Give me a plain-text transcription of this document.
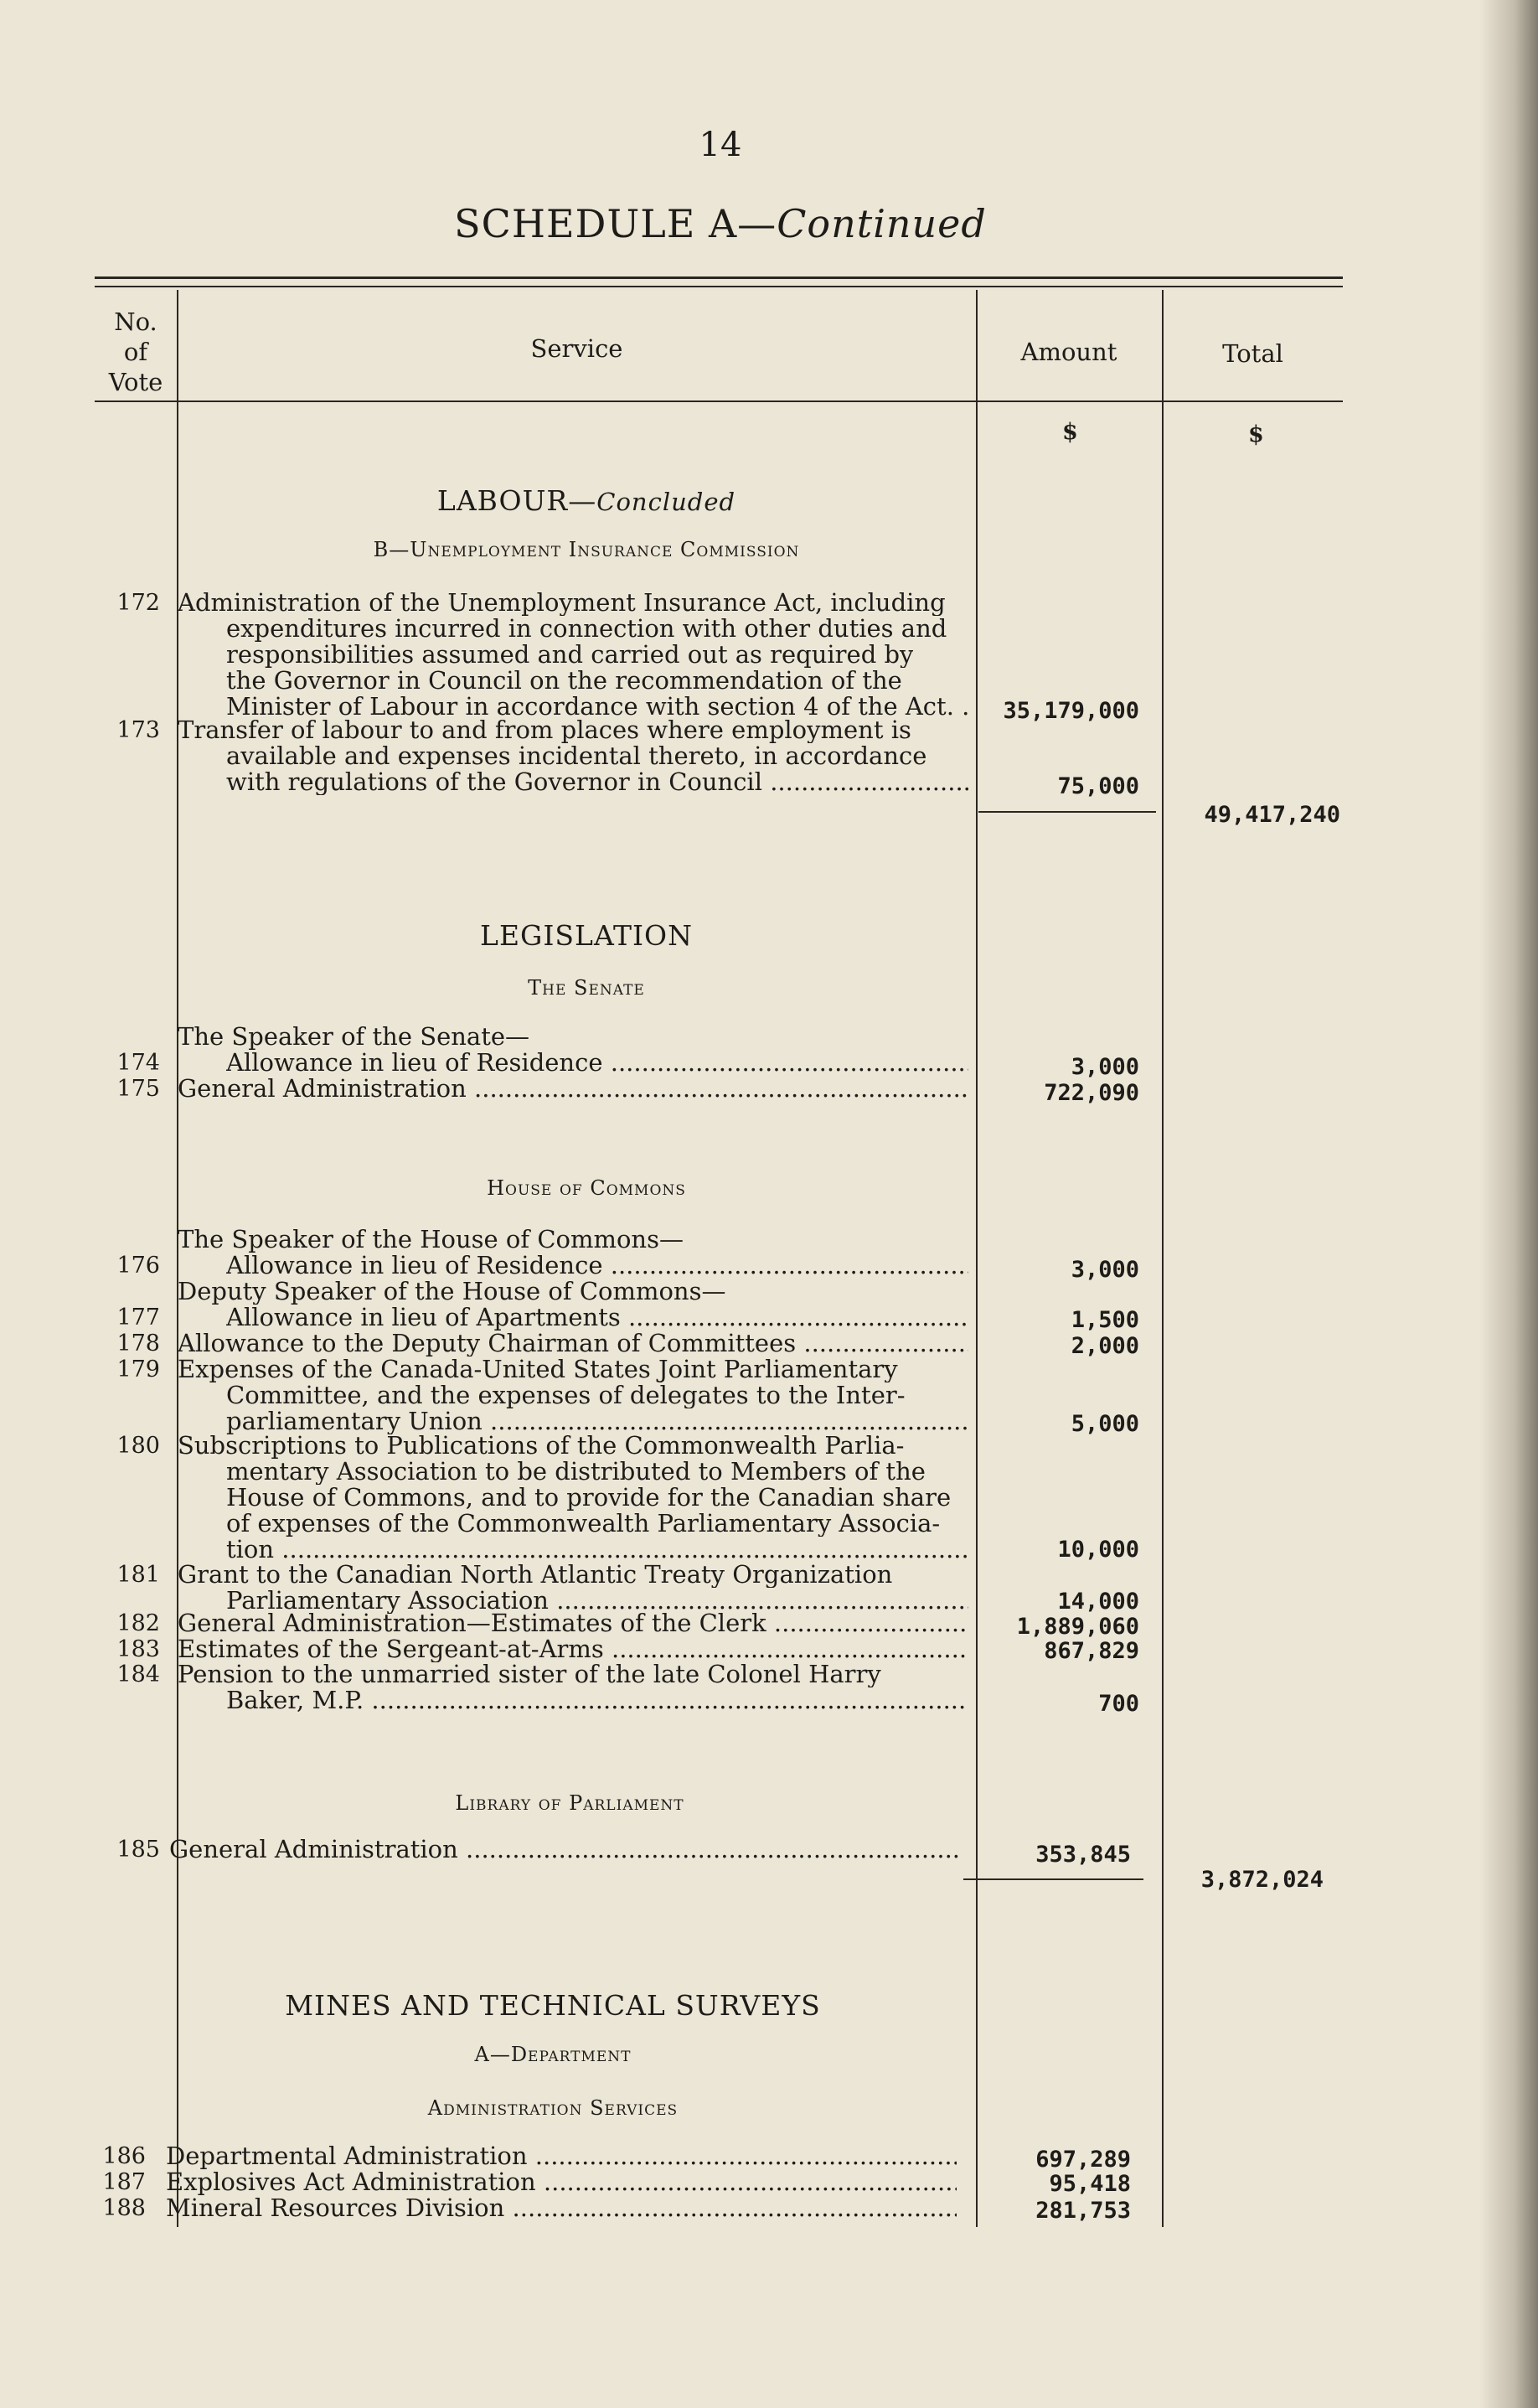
14
SCHEDULE A—Continued
No.
of
Vote
Service	Amount	Total
$	$
LABOUR—Concluded
B—Unemployment Insurance Commission
172 Administration of the Unemployment Insurance Act, including
expenditures incurred in connection with other duties and
responsibilities assumed and carried out as required by
the Governor in Council on the recommendation of the
Minister of Labour in accordance with section 4 of the Act. .	35,179,000
173 Transfer of labour to and from places where employment is
available and expenses incidental thereto, in accordance
with regulations of the Governor in Council .....	75,000
49,417,240
LEGISLATION
The Senate
The Speaker of the Senate—
174	Allowance in lieu of Residence .....	3,000
175 General Administration .....	722,090
House of Commons
The Speaker of the House of Commons—
176	Allowance in lieu of Residence .....	3,000
Deputy Speaker of the House of Commons—
177	Allowance in lieu of Apartments .....	1,500
178 Allowance to the Deputy Chairman of Committees .....	2,000
179 Expenses of the Canada-United States Joint Parliamentary
Committee, and the expenses of delegates to the Inter-
parliamentary Union .....	5,000
180 Subscriptions to Publications of the Commonwealth Parlia-
mentary Association to be distributed to Members of the
House of Commons, and to provide for the Canadian share
of expenses of the Commonwealth Parliamentary Associa-
tion .....	10,000
181 Grant to the Canadian North Atlantic Treaty Organization
Parliamentary Association .....	14,000
182 General Administration—Estimates of the Clerk .....	1,889,060
183 Estimates of the Sergeant-at-Arms .....	867,829
184 Pension to the unmarried sister of the late Colonel Harry
Baker, M.P. .....	700
Library of Parliament
185 General Administration .....	353,845
3,872,024
MINES AND TECHNICAL SURVEYS
A—Department
Administration Services
186 Departmental Administration .....	697,289
187 Explosives Act Administration .....	95,418
188 Mineral Resources Division .....	281,753
